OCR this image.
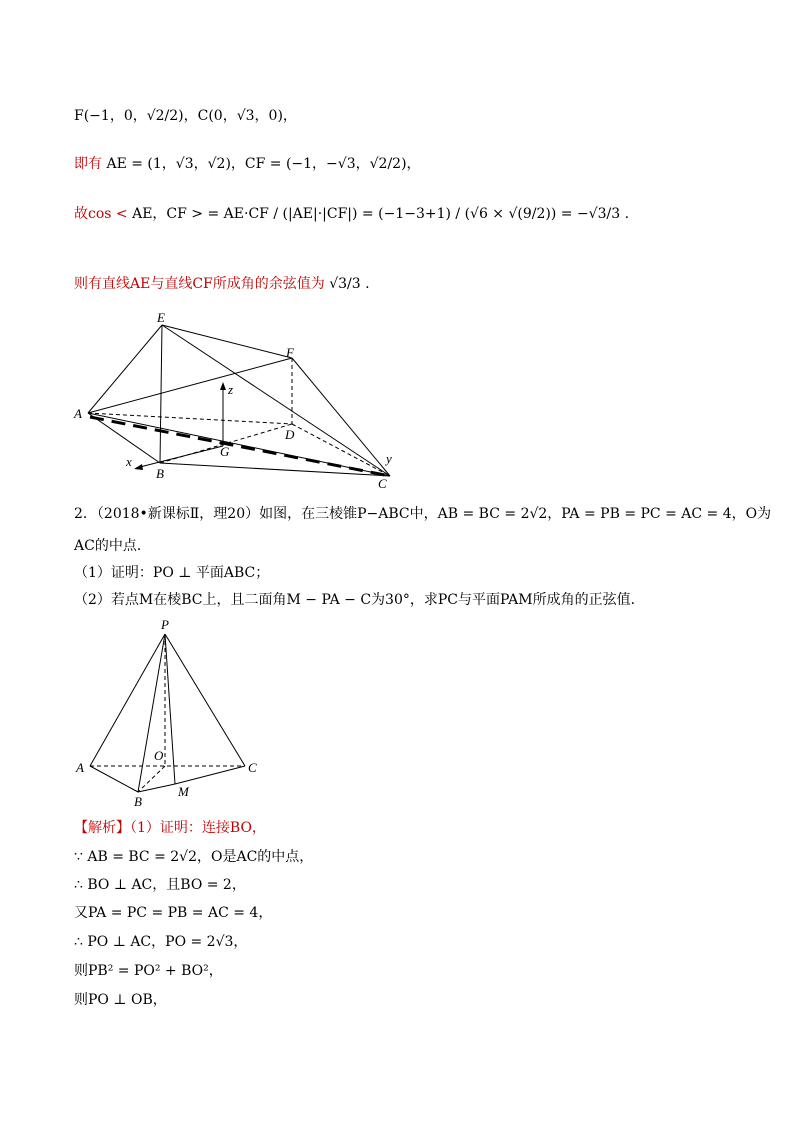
F(−1，0，√2/2)，C(0，√3，0)，
即有 AE = (1，√3，√2)，CF = (−1，−√3，√2/2)，
故cos < AE，CF > = AE·CF / (|AE|·|CF|) = (−1−3+1) / (√6 × √(9/2)) = −√3/3 .
则有直线AE与直线CF所成角的余弦值为 √3/3 .
E
F
z
A
D
G
x
B
y
C
2．（2018•新课标Ⅱ，理20）如图，在三棱锥P−ABC中，AB = BC = 2√2，PA = PB = PC = AC = 4，O为
AC的中点．
（1）证明：PO ⊥ 平面ABC；
（2）若点M在棱BC上，且二面角M − PA − C为30°，求PC与平面PAM所成角的正弦值．
P
O
A	C
B
M
【解析】（1）证明：连接BO，
∵ AB = BC = 2√2，O是AC的中点，
∴ BO ⊥ AC，且BO = 2，
又PA = PC = PB = AC = 4，
∴ PO ⊥ AC，PO = 2√3，
则PB² = PO² + BO²，
则PO ⊥ OB，
